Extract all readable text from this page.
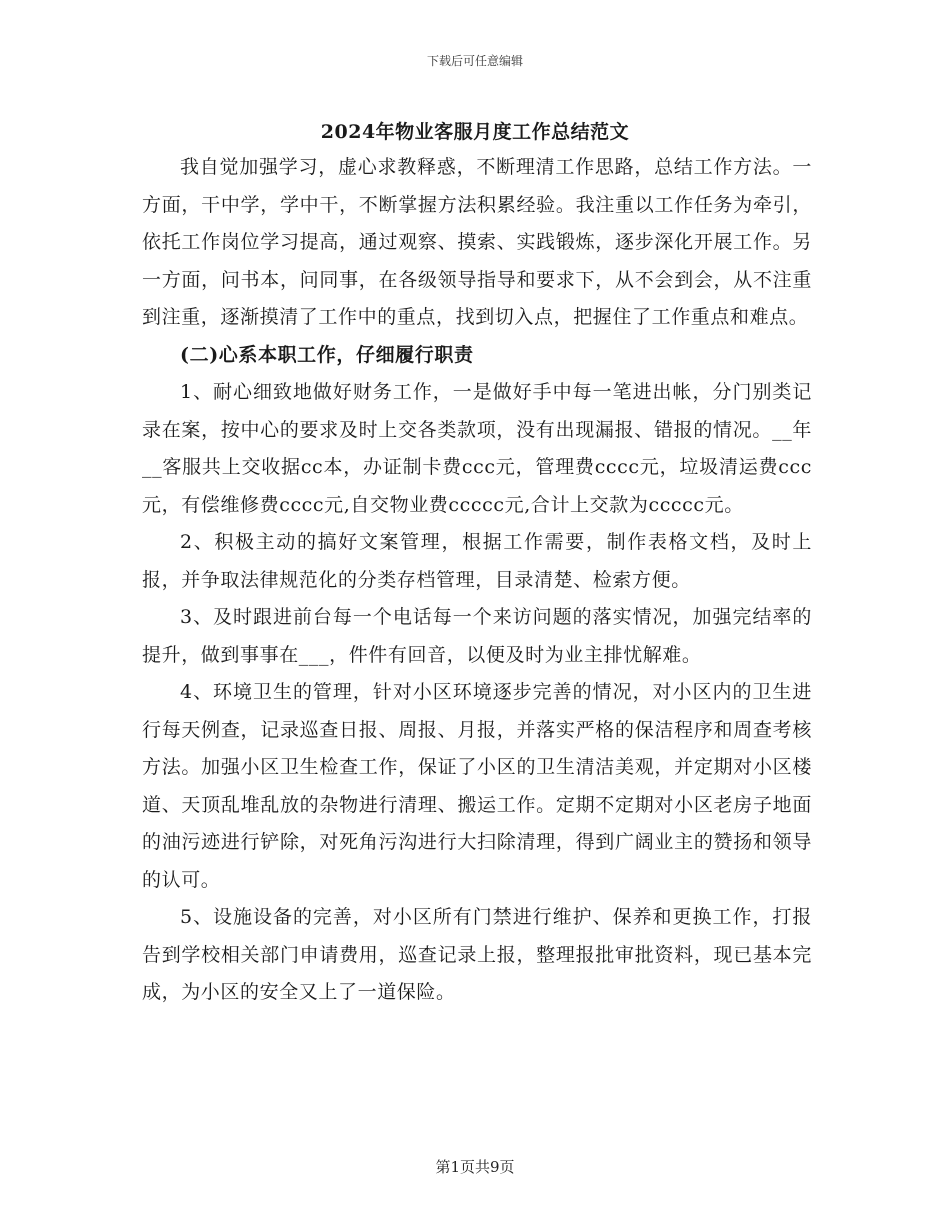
下载后可任意编辑
2024年物业客服月度工作总结范文

我自觉加强学习，虚心求教释惑，不断理清工作思路，总结工作方法。一方面，干中学，学中干，不断掌握方法积累经验。我注重以工作任务为牵引，依托工作岗位学习提高，通过观察、摸索、实践锻炼，逐步深化开展工作。另一方面，问书本，问同事，在各级领导指导和要求下，从不会到会，从不注重到注重，逐渐摸清了工作中的重点，找到切入点，把握住了工作重点和难点。

(二)心系本职工作，仔细履行职责

1、耐心细致地做好财务工作，一是做好手中每一笔进出帐，分门别类记录在案，按中心的要求及时上交各类款项，没有出现漏报、错报的情况。__年__客服共上交收据cc本，办证制卡费ccc元，管理费cccc元，垃圾清运费ccc元，有偿维修费cccc元,自交物业费ccccc元,合计上交款为ccccc元。

2、积极主动的搞好文案管理，根据工作需要，制作表格文档，及时上报，并争取法律规范化的分类存档管理，目录清楚、检索方便。

3、及时跟进前台每一个电话每一个来访问题的落实情况，加强完结率的提升，做到事事在___，件件有回音，以便及时为业主排忧解难。

4、环境卫生的管理，针对小区环境逐步完善的情况，对小区内的卫生进行每天例查，记录巡查日报、周报、月报，并落实严格的保洁程序和周查考核方法。加强小区卫生检查工作，保证了小区的卫生清洁美观，并定期对小区楼道、天顶乱堆乱放的杂物进行清理、搬运工作。定期不定期对小区老房子地面的油污迹进行铲除，对死角污沟进行大扫除清理，得到广阔业主的赞扬和领导的认可。

5、设施设备的完善，对小区所有门禁进行维护、保养和更换工作，打报告到学校相关部门申请费用，巡查记录上报，整理报批审批资料，现已基本完成，为小区的安全又上了一道保险。

第1页共9页
